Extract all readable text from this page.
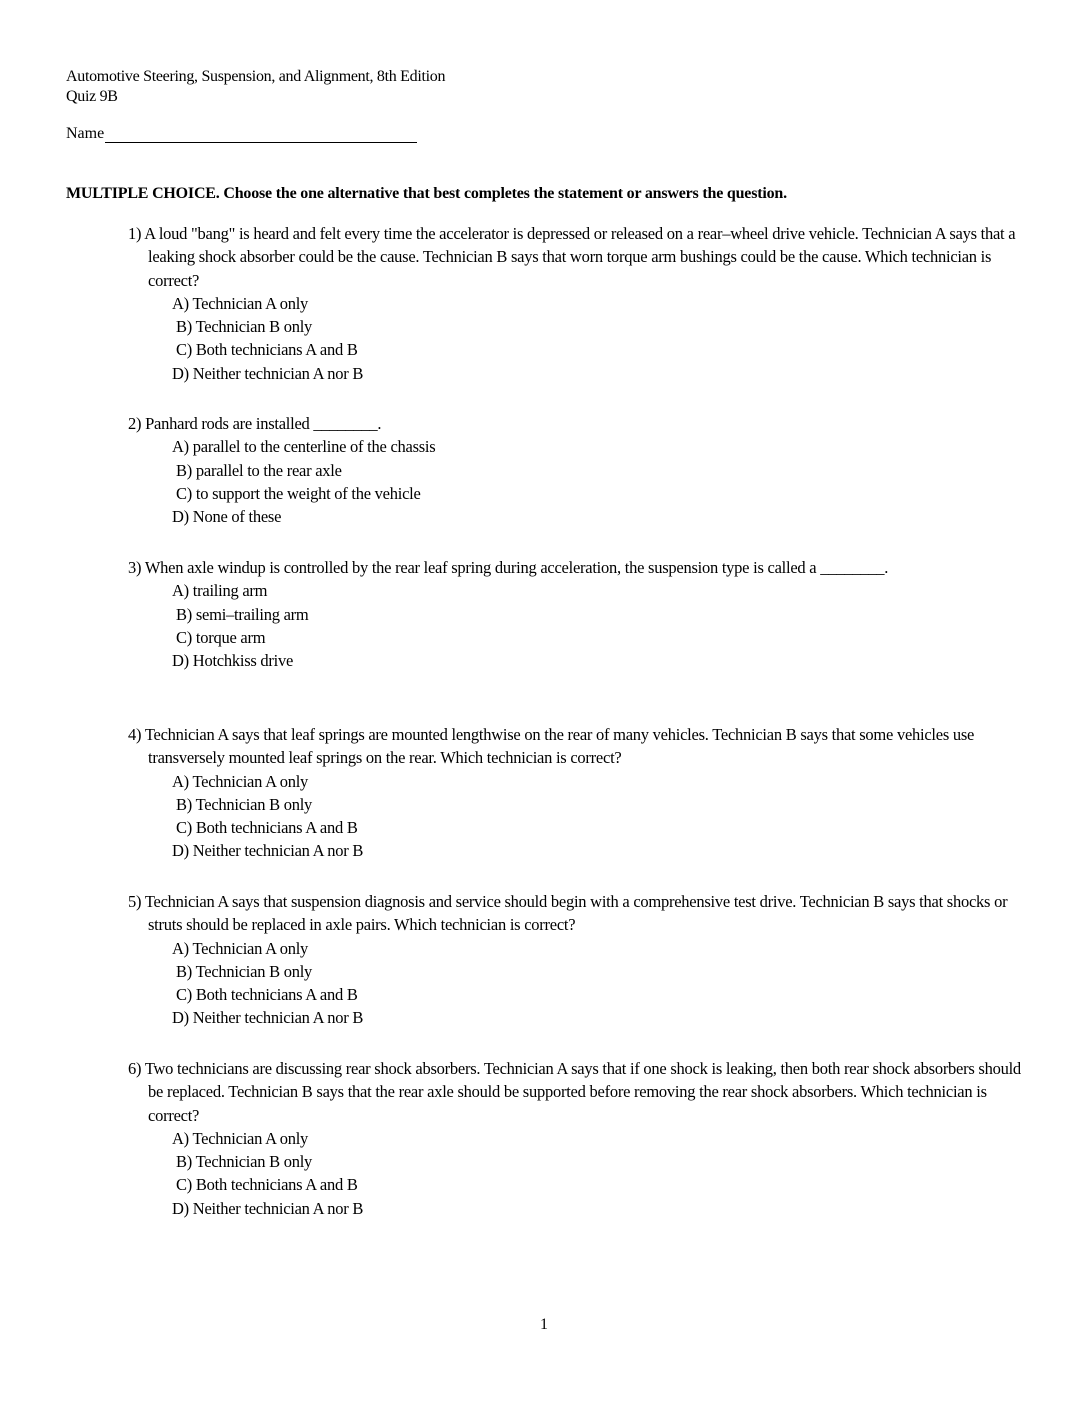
Automotive Steering, Suspension, and Alignment, 8th Edition
Quiz 9B
Name
MULTIPLE CHOICE. Choose the one alternative that best completes the statement or answers the question.
1) A loud "bang" is heard and felt every time the accelerator is depressed or released on a rear–wheel drive vehicle. Technician A says that a leaking shock absorber could be the cause. Technician B says that worn torque arm bushings could be the cause. Which technician is correct?
A) Technician A only
B) Technician B only
C) Both technicians A and B
D) Neither technician A nor B
2) Panhard rods are installed ________.
A) parallel to the centerline of the chassis
B) parallel to the rear axle
C) to support the weight of the vehicle
D) None of these
3) When axle windup is controlled by the rear leaf spring during acceleration, the suspension type is called a ________.
A) trailing arm
B) semi–trailing arm
C) torque arm
D) Hotchkiss drive
4) Technician A says that leaf springs are mounted lengthwise on the rear of many vehicles. Technician B says that some vehicles use transversely mounted leaf springs on the rear. Which technician is correct?
A) Technician A only
B) Technician B only
C) Both technicians A and B
D) Neither technician A nor B
5) Technician A says that suspension diagnosis and service should begin with a comprehensive test drive. Technician B says that shocks or struts should be replaced in axle pairs. Which technician is correct?
A) Technician A only
B) Technician B only
C) Both technicians A and B
D) Neither technician A nor B
6) Two technicians are discussing rear shock absorbers. Technician A says that if one shock is leaking, then both rear shock absorbers should be replaced. Technician B says that the rear axle should be supported before removing the rear shock absorbers. Which technician is correct?
A) Technician A only
B) Technician B only
C) Both technicians A and B
D) Neither technician A nor B
1
